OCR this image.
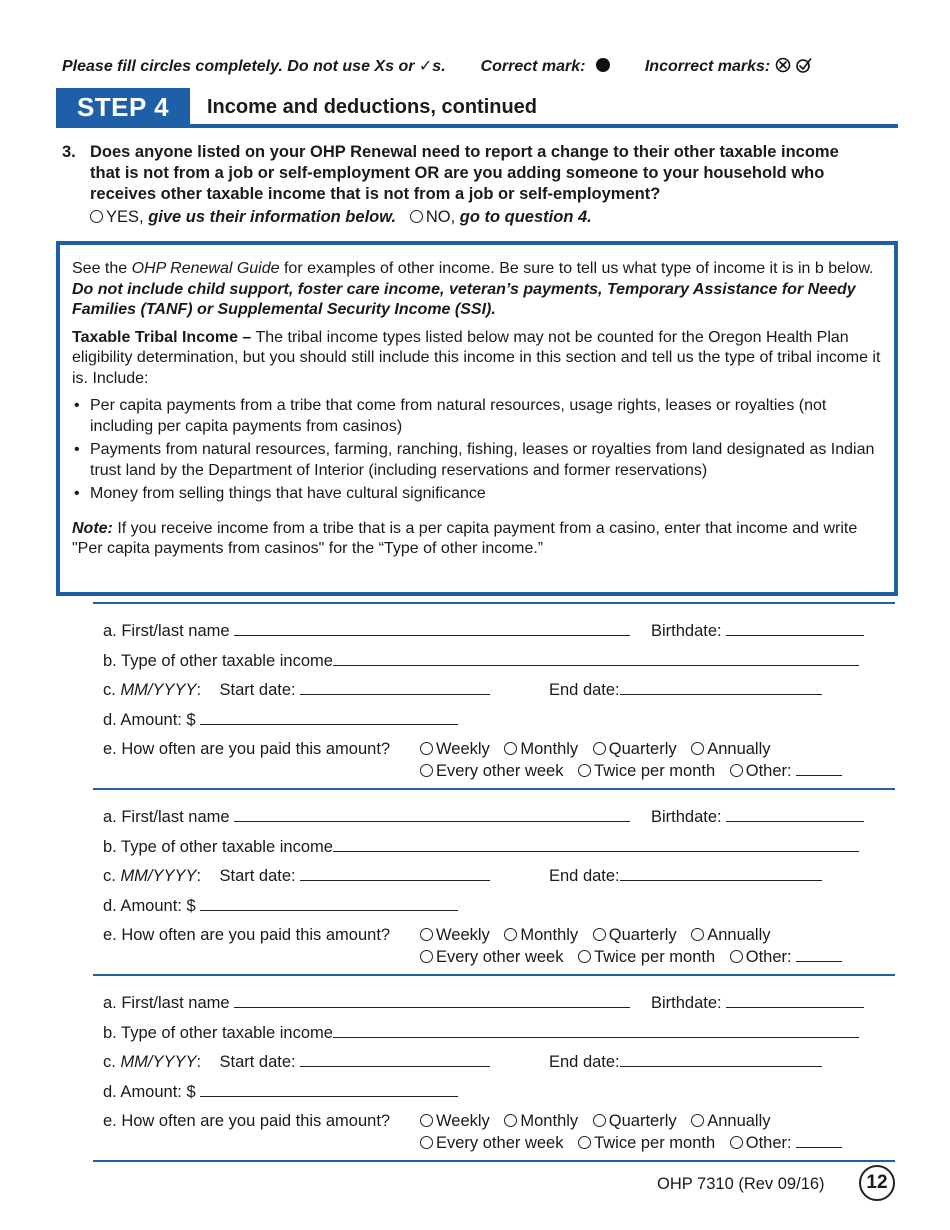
Please fill circles completely. Do not use Xs or ✓s. Correct mark:	Incorrect marks:
STEP 4	Income and deductions, continued
3. Does anyone listed on your OHP Renewal need to report a change to their other taxable income that is not from a job or self-employment OR are you adding someone to your household who receives other taxable income that is not from a job or self-employment?
YES, give us their information below. NO, go to question 4.

See the OHP Renewal Guide for examples of other income. Be sure to tell us what type of income it is in b below. Do not include child support, foster care income, veteran’s payments, Temporary Assistance for Needy Families (TANF) or Supplemental Security Income (SSI).

Taxable Tribal Income – The tribal income types listed below may not be counted for the Oregon Health Plan eligibility determination, but you should still include this income in this section and tell us the type of tribal income it is. Include:

• Per capita payments from a tribe that come from natural resources, usage rights, leases or royalties (not including per capita payments from casinos)
• Payments from natural resources, farming, ranching, fishing, leases or royalties from land designated as Indian trust land by the Department of Interior (including reservations and former reservations)
• Money from selling things that have cultural significance

Note: If you receive income from a tribe that is a per capita payment from a casino, enter that income and write "Per capita payments from casinos" for the “Type of other income.”

a. First/last name	Birthdate:
b. Type of other taxable income
c. MM/YYYY: Start date:	End date:
d. Amount: $
e. How often are you paid this amount?	Weekly Monthly Quarterly Annually
Every other week Twice per month Other:
a. First/last name	Birthdate:
b. Type of other taxable income
c. MM/YYYY: Start date:	End date:
d. Amount: $
e. How often are you paid this amount?	Weekly Monthly Quarterly Annually
Every other week Twice per month Other:
a. First/last name	Birthdate:
b. Type of other taxable income
c. MM/YYYY: Start date:	End date:
d. Amount: $
e. How often are you paid this amount?	Weekly Monthly Quarterly Annually
Every other week Twice per month Other:
OHP 7310 (Rev 09/16)	12
